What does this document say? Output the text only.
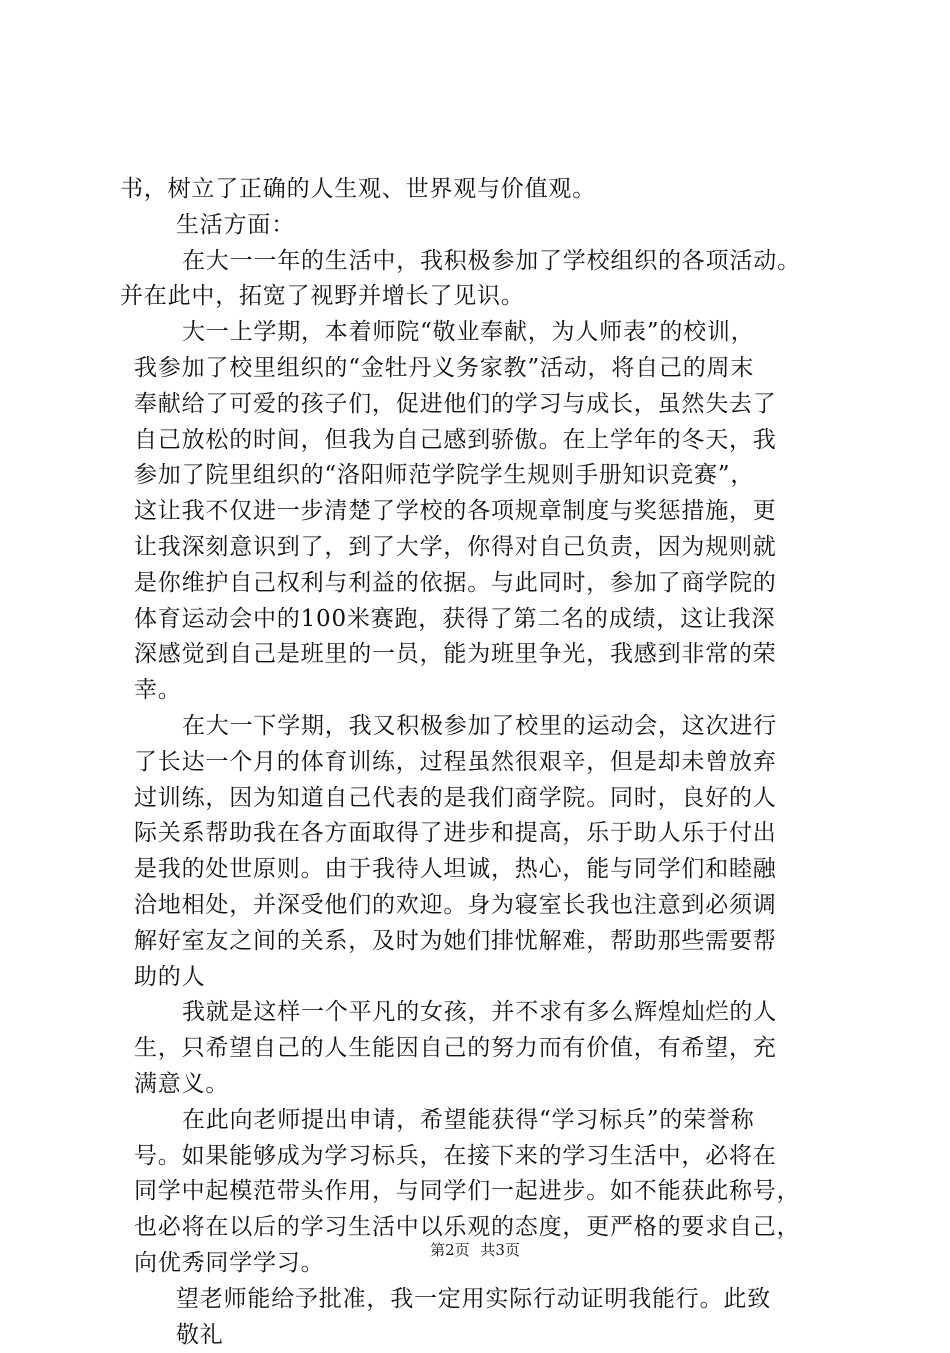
书，树立了正确的人生观、世界观与价值观。
生活方面：
在大一一年的生活中，我积极参加了学校组织的各项活动。
并在此中，拓宽了视野并增长了见识。
大一上学期，本着师院“敬业奉献，为人师表”的校训，
我参加了校里组织的“金牡丹义务家教”活动，将自己的周末
奉献给了可爱的孩子们，促进他们的学习与成长，虽然失去了
自己放松的时间，但我为自己感到骄傲。在上学年的冬天，我
参加了院里组织的“洛阳师范学院学生规则手册知识竞赛”，
这让我不仅进一步清楚了学校的各项规章制度与奖惩措施，更
让我深刻意识到了，到了大学，你得对自己负责，因为规则就
是你维护自己权利与利益的依据。与此同时，参加了商学院的
体育运动会中的100米赛跑，获得了第二名的成绩，这让我深
深感觉到自己是班里的一员，能为班里争光，我感到非常的荣
幸。
在大一下学期，我又积极参加了校里的运动会，这次进行
了长达一个月的体育训练，过程虽然很艰辛，但是却未曾放弃
过训练，因为知道自己代表的是我们商学院。同时，良好的人
际关系帮助我在各方面取得了进步和提高，乐于助人乐于付出
是我的处世原则。由于我待人坦诚，热心，能与同学们和睦融
洽地相处，并深受他们的欢迎。身为寝室长我也注意到必须调
解好室友之间的关系，及时为她们排忧解难，帮助那些需要帮
助的人
我就是这样一个平凡的女孩，并不求有多么辉煌灿烂的人
生，只希望自己的人生能因自己的努力而有价值，有希望，充
满意义。
在此向老师提出申请，希望能获得“学习标兵”的荣誉称
号。如果能够成为学习标兵，在接下来的学习生活中，必将在
同学中起模范带头作用，与同学们一起进步。如不能获此称号，
也必将在以后的学习生活中以乐观的态度，更严格的要求自己，
向优秀同学学习。
望老师能给予批准，我一定用实际行动证明我能行。此致
敬礼
第2页 共3页
